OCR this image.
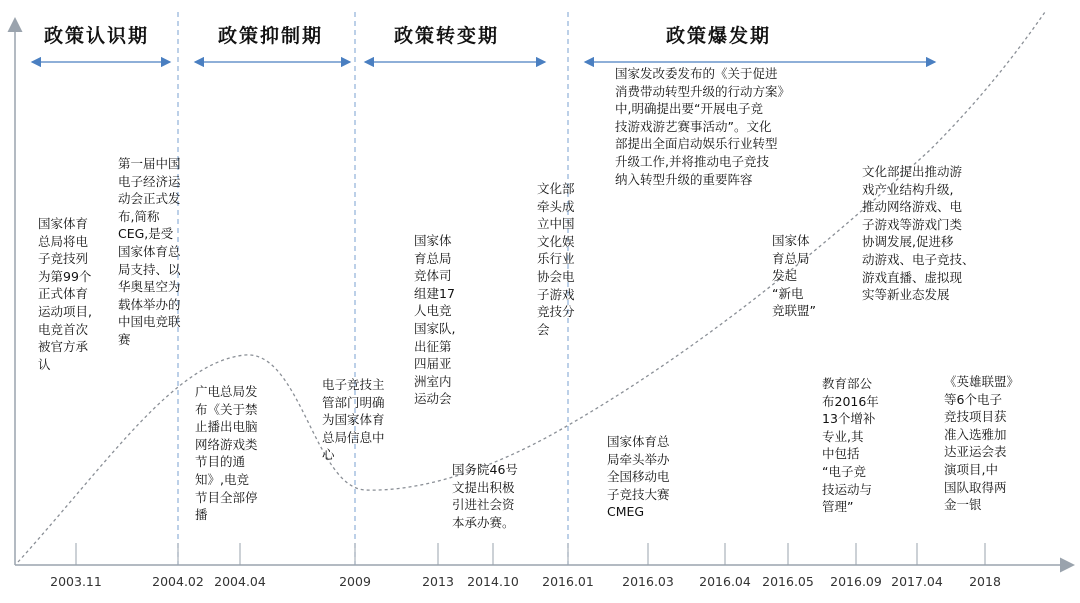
政策认识期	政策抑制期	政策转变期	政策爆发期
国家体育
总局将电
子竞技列
为第99个
正式体育
运动项目,
电竞首次
被官方承
认
第一届中国
电子经济运
动会正式发
布,简称
CEG,是受
国家体育总
局支持、以
华奥星空为
载体举办的
中国电竞联
赛
广电总局发
布《关于禁
止播出电脑
网络游戏类
节目的通
知》,电竞
节目全部停
播
电子竞技主
管部门明确
为国家体育
总局信息中
心
国家体
育总局
竞体司
组建17
人电竞
国家队,
出征第
四届亚
洲室内
运动会
国务院46号
文提出积极
引进社会资
本承办赛。
文化部
牵头成
立中国
文化娱
乐行业
协会电
子游戏
竞技分
会
国家发改委发布的《关于促进
消费带动转型升级的行动方案》
中,明确提出要“开展电子竞
技游戏游艺赛事活动”。文化
部提出全面启动娱乐行业转型
升级工作,并将推动电子竞技
纳入转型升级的重要阵容
国家体育总
局牵头举办
全国移动电
子竞技大赛
CMEG
国家体
育总局
发起
“新电
竞联盟”
教育部公
布2016年
13个增补
专业,其
中包括
“电子竞
技运动与
管理”
文化部提出推动游
戏产业结构升级,
推动网络游戏、电
子游戏等游戏门类
协调发展,促进移
动游戏、电子竞技、
游戏直播、虚拟现
实等新业态发展
《英雄联盟》
等6个电子
竞技项目获
准入选雅加
达亚运会表
演项目,中
国队取得两
金一银
2003.11	2004.02 2004.04	2009	2013 2014.10 2016.01 2016.03 2016.04 2016.05 2016.09 2017.04 2018
